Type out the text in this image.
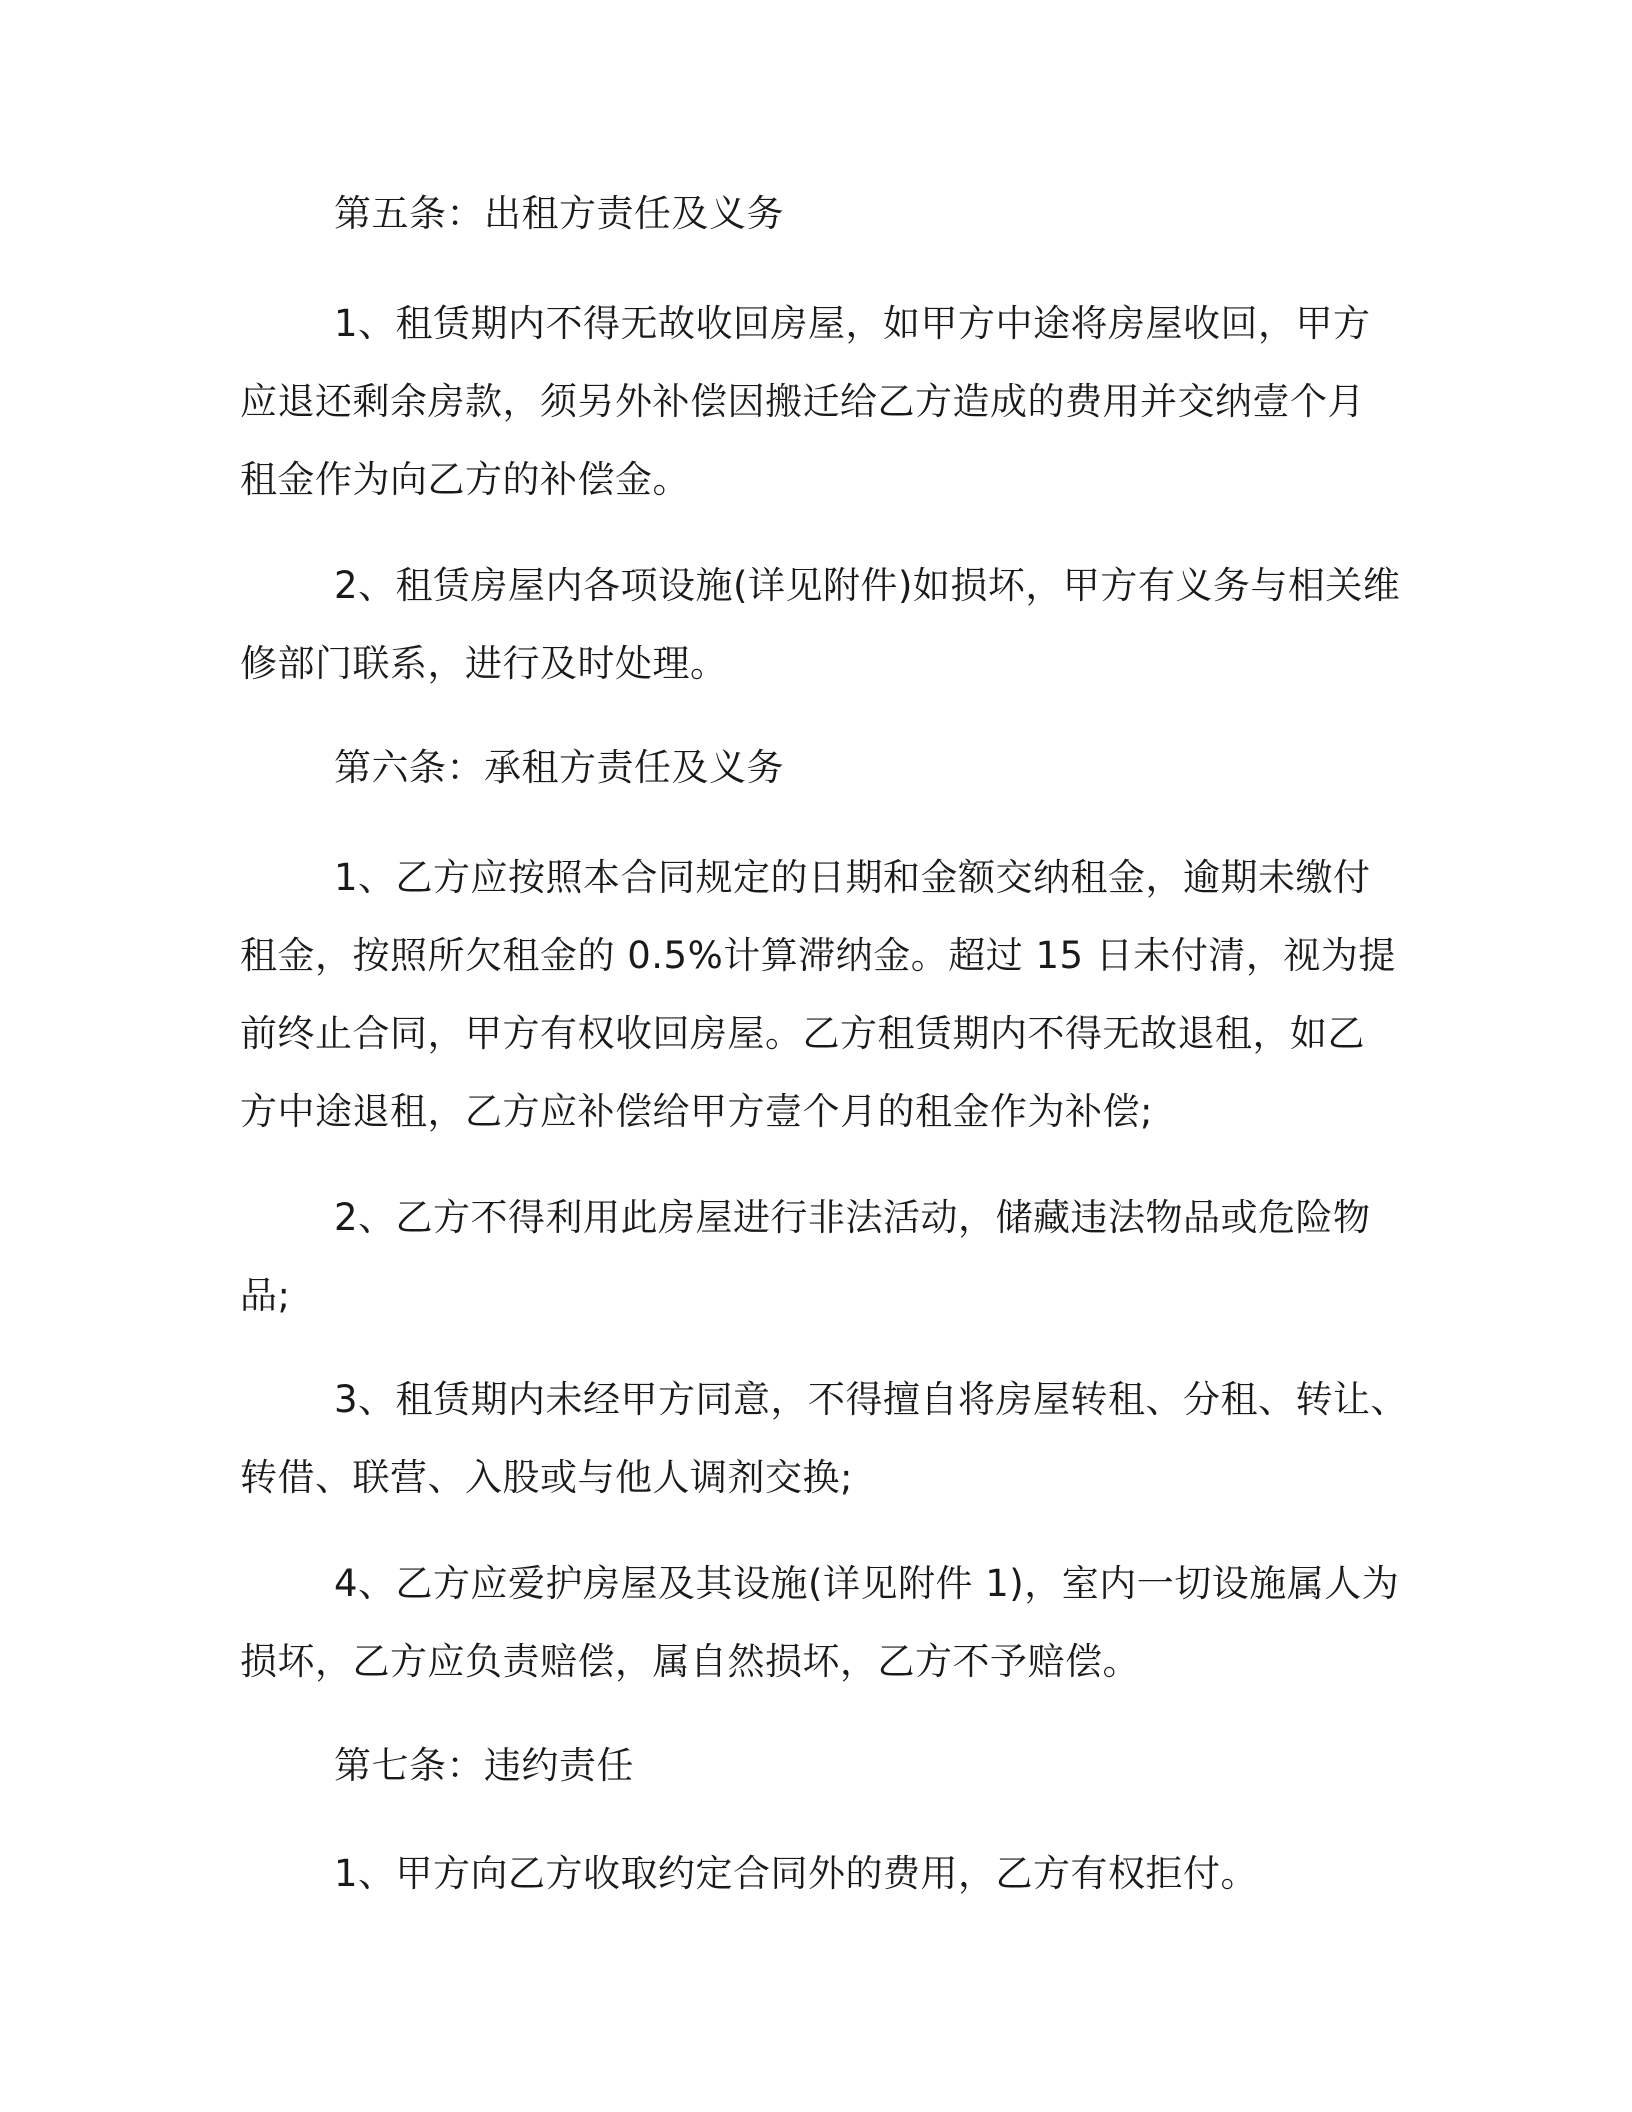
第五条：出租方责任及义务
1、租赁期内不得无故收回房屋，如甲方中途将房屋收回，甲方
应退还剩余房款，须另外补偿因搬迁给乙方造成的费用并交纳壹个月
租金作为向乙方的补偿金。
2、租赁房屋内各项设施(详见附件)如损坏，甲方有义务与相关维
修部门联系，进行及时处理。
第六条：承租方责任及义务
1、乙方应按照本合同规定的日期和金额交纳租金，逾期未缴付
租金，按照所欠租金的 0.5%计算滞纳金。超过 15 日未付清，视为提
前终止合同，甲方有权收回房屋。乙方租赁期内不得无故退租，如乙
方中途退租，乙方应补偿给甲方壹个月的租金作为补偿;
2、乙方不得利用此房屋进行非法活动，储藏违法物品或危险物
品;
3、租赁期内未经甲方同意，不得擅自将房屋转租、分租、转让、
转借、联营、入股或与他人调剂交换;
4、乙方应爱护房屋及其设施(详见附件 1)，室内一切设施属人为
损坏，乙方应负责赔偿，属自然损坏，乙方不予赔偿。
第七条：违约责任
1、甲方向乙方收取约定合同外的费用，乙方有权拒付。
